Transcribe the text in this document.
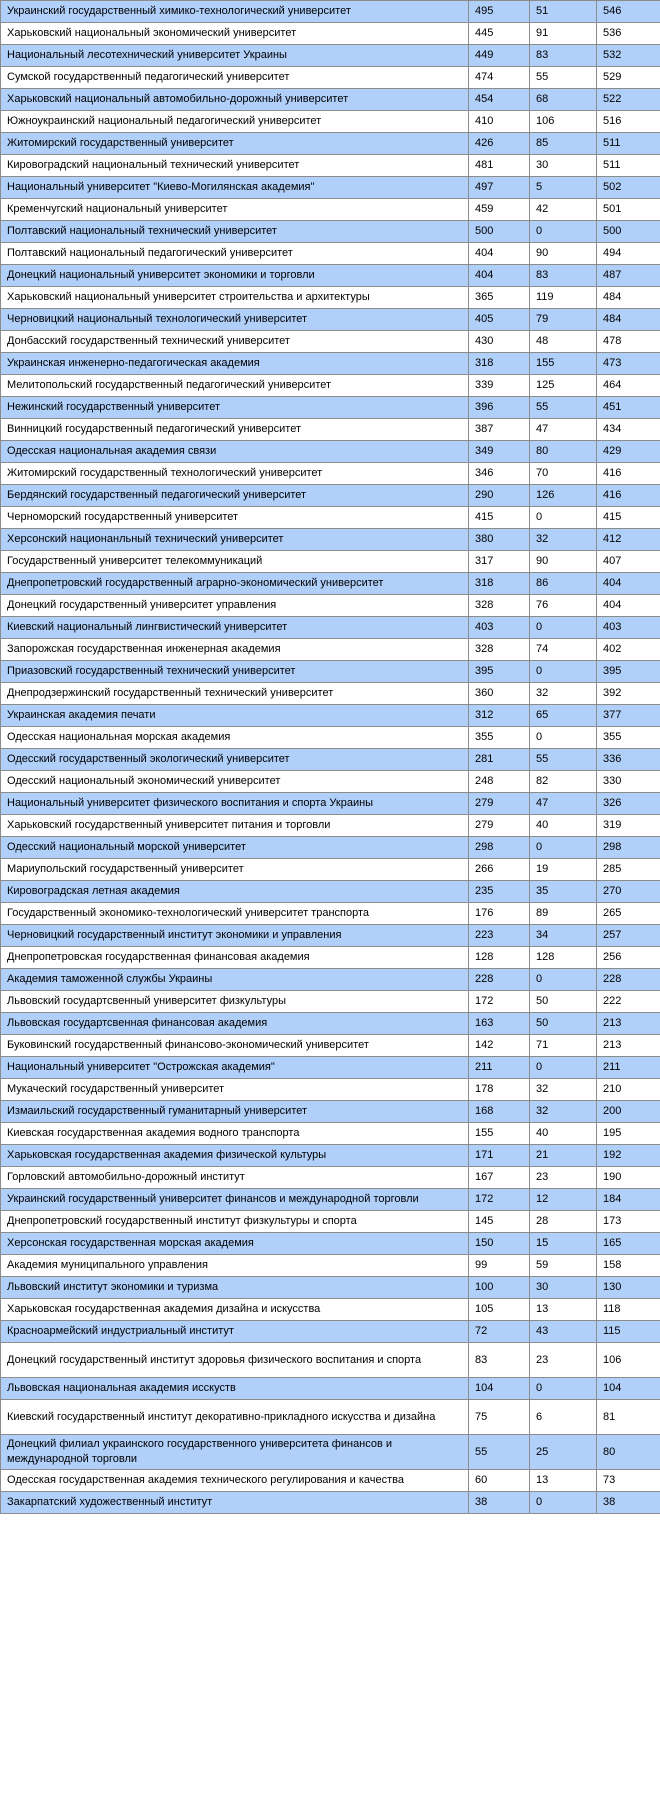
Украинский государственный химико-технологический университет	495	51	546
Харьковский национальный экономический университет	445	91	536
Национальный лесотехнический университет Украины	449	83	532
Сумской государственный педагогический университет	474	55	529
Харьковский национальный автомобильно-дорожный университет	454	68	522
Южноукраинский национальный педагогический университет	410	106	516
Житомирский государственный университет	426	85	511
Кировоградский национальный технический университет	481	30	511
Национальный университет "Киево-Могилянская академия"	497	5	502
Кременчугский национальный университет	459	42	501
Полтавский национальный технический университет	500	0	500
Полтавский национальный педагогический университет	404	90	494
Донецкий национальный университет экономики и торговли	404	83	487
Харьковский национальный университет строительства и архитектуры	365	119	484
Черновицкий национальный технологический университет	405	79	484
Донбасский государственный технический университет	430	48	478
Украинская инженерно-педагогическая академия	318	155	473
Мелитопольский государственный педагогический университет	339	125	464
Нежинский государственный университет	396	55	451
Винницкий государственный педагогический университет	387	47	434
Одесская национальная академия связи	349	80	429
Житомирский государственный технологический университет	346	70	416
Бердянский государственный педагогический университет	290	126	416
Черноморский государственный университет	415	0	415
Херсонский национанльный технический университет	380	32	412
Государственный университет телекоммуникаций	317	90	407
Днепропетровский государственный аграрно-экономический университет	318	86	404
Донецкий государственный университет управления	328	76	404
Киевский национальный лингвистический университет	403	0	403
Запорожская государственная инженерная академия	328	74	402
Приазовский государственный технический университет	395	0	395
Днепродзержинский государственный технический университет	360	32	392
Украинская академия печати	312	65	377
Одесская национальная морская академия	355	0	355
Одесский государственный экологический университет	281	55	336
Одесский национальный экономический университет	248	82	330
Национальный университет физического воспитания и спорта Украины	279	47	326
Харьковский государственный университет питания и торговли	279	40	319
Одесский национальный морской университет	298	0	298
Мариупольский государственный университет	266	19	285
Кировоградская летная академия	235	35	270
Государственный экономико-технологический университет транспорта	176	89	265
Черновицкий государственный институт экономики и управления	223	34	257
Днепропетровская государственная финансовая академия	128	128	256
Академия таможенной службы Украины	228	0	228
Львовский государтсвенный университет физкультуры	172	50	222
Львовская государтсвенная финансовая академия	163	50	213
Буковинский государственный финансово-экономический университет	142	71	213
Национальный университет "Острожская академия"	211	0	211
Мукаческий государственный университет	178	32	210
Измаильский государственный гуманитарный университет	168	32	200
Киевская государственная академия водного транспорта	155	40	195
Харьковская государственная академия физической культуры	171	21	192
Горловский автомобильно-дорожный институт	167	23	190
Украинский государственный университет финансов и международной торговли	172	12	184
Днепропетровский государственный институт физкультуры и спорта	145	28	173
Херсонская государственная морская академия	150	15	165
Академия муниципального управления	99	59	158
Львовский институт экономики и туризма	100	30	130
Харьковская государственная академия дизайна и искусства	105	13	118
Красноармейский индустриальный институт	72	43	115
Донецкий государственный институт здоровья физического воспитания и спорта	83	23	106
Львовская национальная академия исскуств	104	0	104
Киевский государственный институт декоративно-прикладного искусства и дизайна	75	6	81
Донецкий филиал украинского государственного университета финансов и международной торговли	55	25	80
Одесская государственная академия технического регулирования и качества	60	13	73
Закарпатский художественный институт	38	0	38
